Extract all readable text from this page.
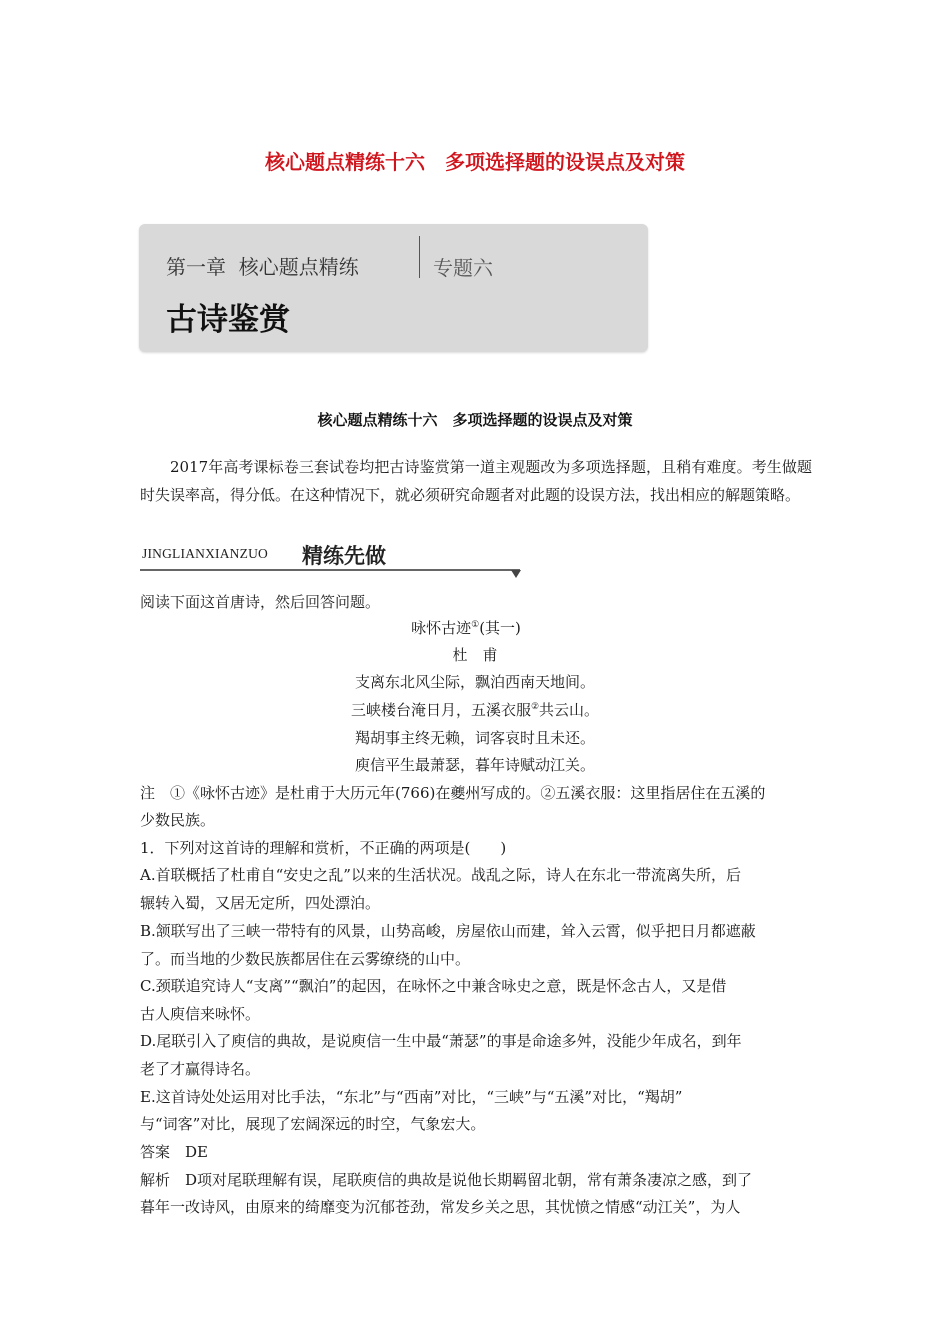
核心题点精练十六　多项选择题的设误点及对策
第一章  核心题点精练	专题六
古诗鉴赏
核心题点精练十六　多项选择题的设误点及对策
2017年高考课标卷三套试卷均把古诗鉴赏第一道主观题改为多项选择题，且稍有难度。考生做题时失误率高，得分低。在这种情况下，就必须研究命题者对此题的设误方法，找出相应的解题策略。
JINGLIANXIANZUO 精练先做
阅读下面这首唐诗，然后回答问题。
咏怀古迹①(其一)
杜　甫
支离东北风尘际，飘泊西南天地间。
三峡楼台淹日月，五溪衣服②共云山。
羯胡事主终无赖，词客哀时且未还。
庾信平生最萧瑟，暮年诗赋动江关。
注　①《咏怀古迹》是杜甫于大历元年(766)在夔州写成的。②五溪衣服：这里指居住在五溪的
少数民族。
1．下列对这首诗的理解和赏析，不正确的两项是(　　)
A.首联概括了杜甫自“安史之乱”以来的生活状况。战乱之际，诗人在东北一带流离失所，后
辗转入蜀，又居无定所，四处漂泊。
B.颔联写出了三峡一带特有的风景，山势高峻，房屋依山而建，耸入云霄，似乎把日月都遮蔽
了。而当地的少数民族都居住在云雾缭绕的山中。
C.颈联追究诗人“支离”“飘泊”的起因，在咏怀之中兼含咏史之意，既是怀念古人，又是借
古人庾信来咏怀。
D.尾联引入了庾信的典故，是说庾信一生中最“萧瑟”的事是命途多舛，没能少年成名，到年
老了才赢得诗名。
E.这首诗处处运用对比手法，“东北”与“西南”对比，“三峡”与“五溪”对比，“羯胡”
与“词客”对比，展现了宏阔深远的时空，气象宏大。
答案　DE
解析　D项对尾联理解有误，尾联庾信的典故是说他长期羁留北朝，常有萧条凄凉之感，到了
暮年一改诗风，由原来的绮靡变为沉郁苍劲，常发乡关之思，其忧愤之情感“动江关”，为人
